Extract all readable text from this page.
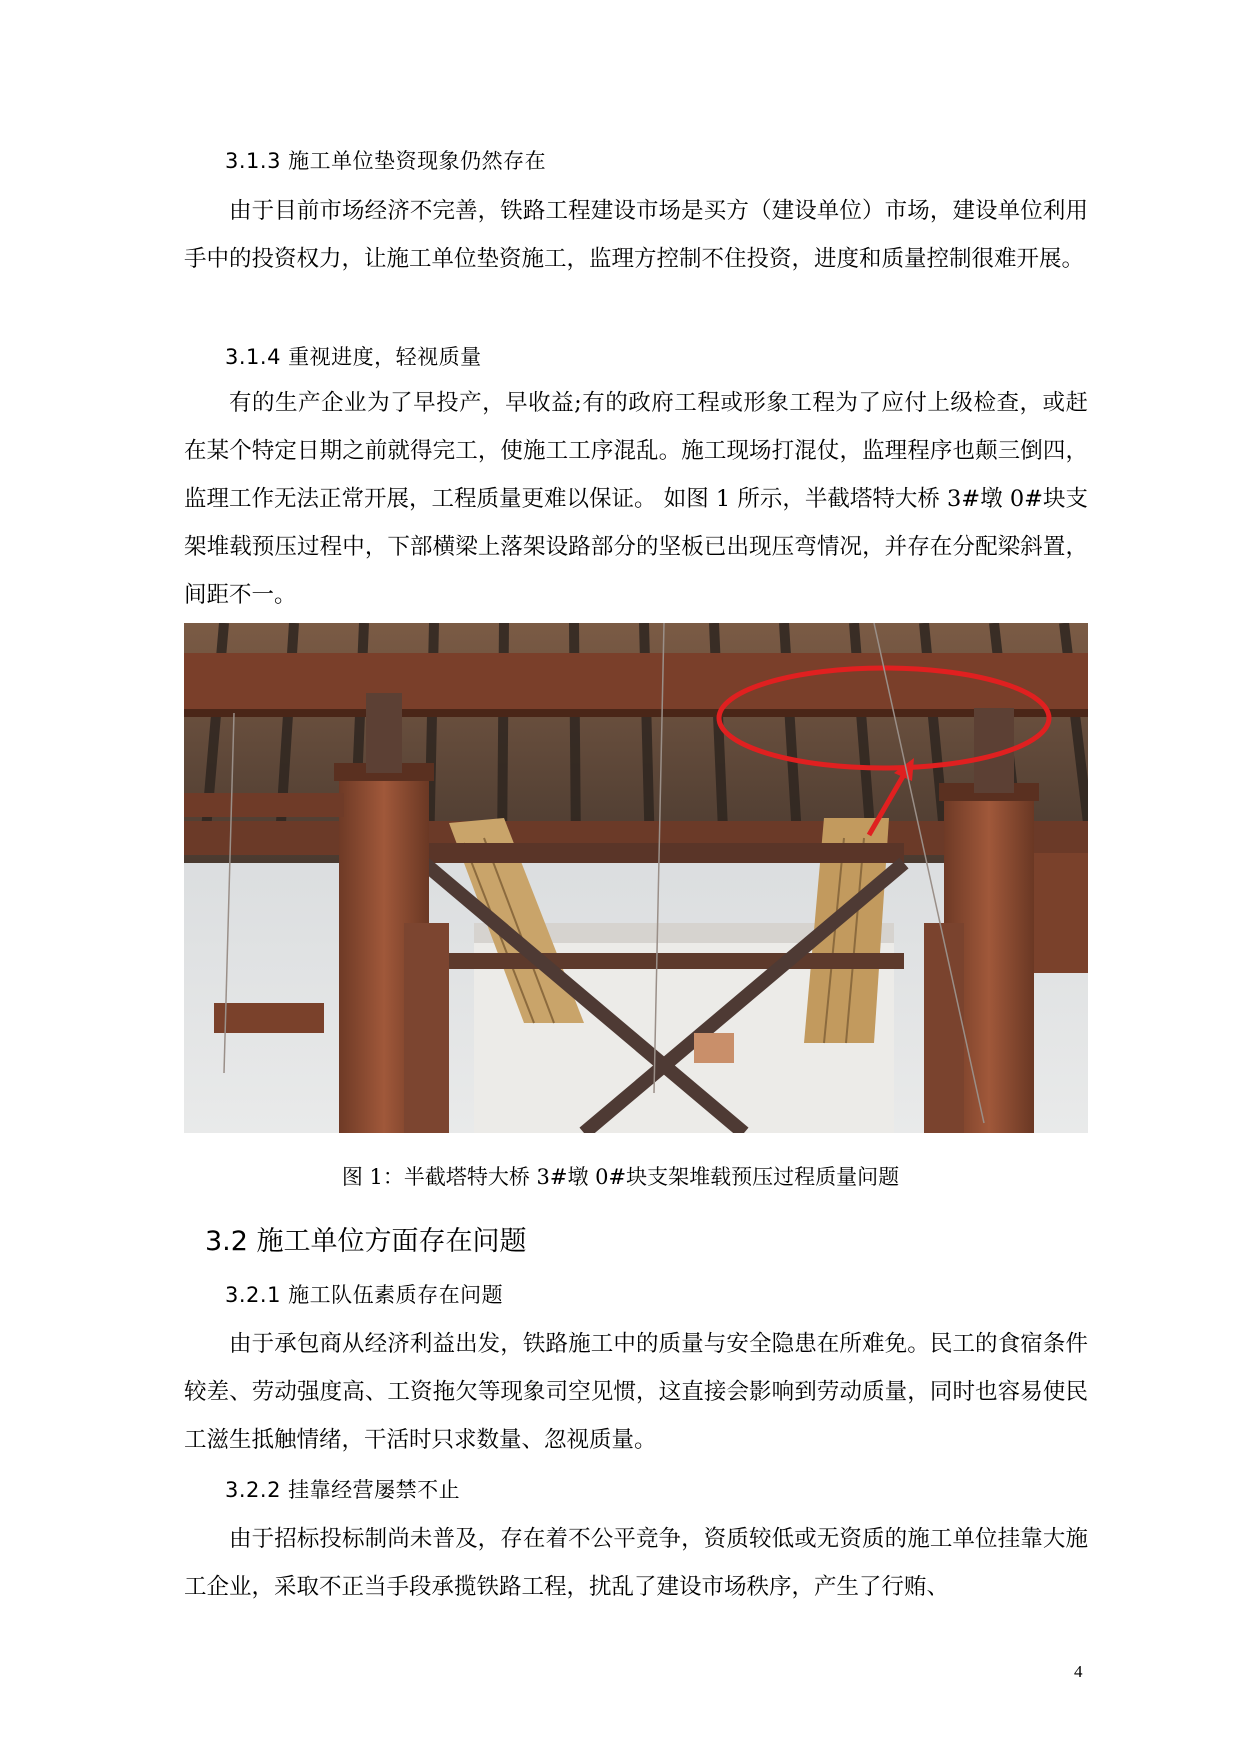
3.1.3 施工单位垫资现象仍然存在

由于目前市场经济不完善，铁路工程建设市场是买方（建设单位）市场，建设单位利用手中的投资权力，让施工单位垫资施工，监理方控制不住投资，进度和质量控制很难开展。

3.1.4 重视进度，轻视质量

有的生产企业为了早投产，早收益;有的政府工程或形象工程为了应付上级检查，或赶在某个特定日期之前就得完工，使施工工序混乱。施工现场打混仗，监理程序也颠三倒四，监理工作无法正常开展，工程质量更难以保证。 如图 1 所示，半截塔特大桥 3#墩 0#块支架堆载预压过程中，下部横梁上落架设路部分的坚板已出现压弯情况，并存在分配梁斜置，间距不一。

图 1：半截塔特大桥 3#墩 0#块支架堆载预压过程质量问题
3.2 施工单位方面存在问题
3.2.1 施工队伍素质存在问题

由于承包商从经济利益出发，铁路施工中的质量与安全隐患在所难免。民工的食宿条件较差、劳动强度高、工资拖欠等现象司空见惯，这直接会影响到劳动质量，同时也容易使民工滋生抵触情绪，干活时只求数量、忽视质量。

3.2.2 挂靠经营屡禁不止

由于招标投标制尚未普及，存在着不公平竞争，资质较低或无资质的施工单位挂靠大施工企业，采取不正当手段承揽铁路工程，扰乱了建设市场秩序，产生了行贿、

4
